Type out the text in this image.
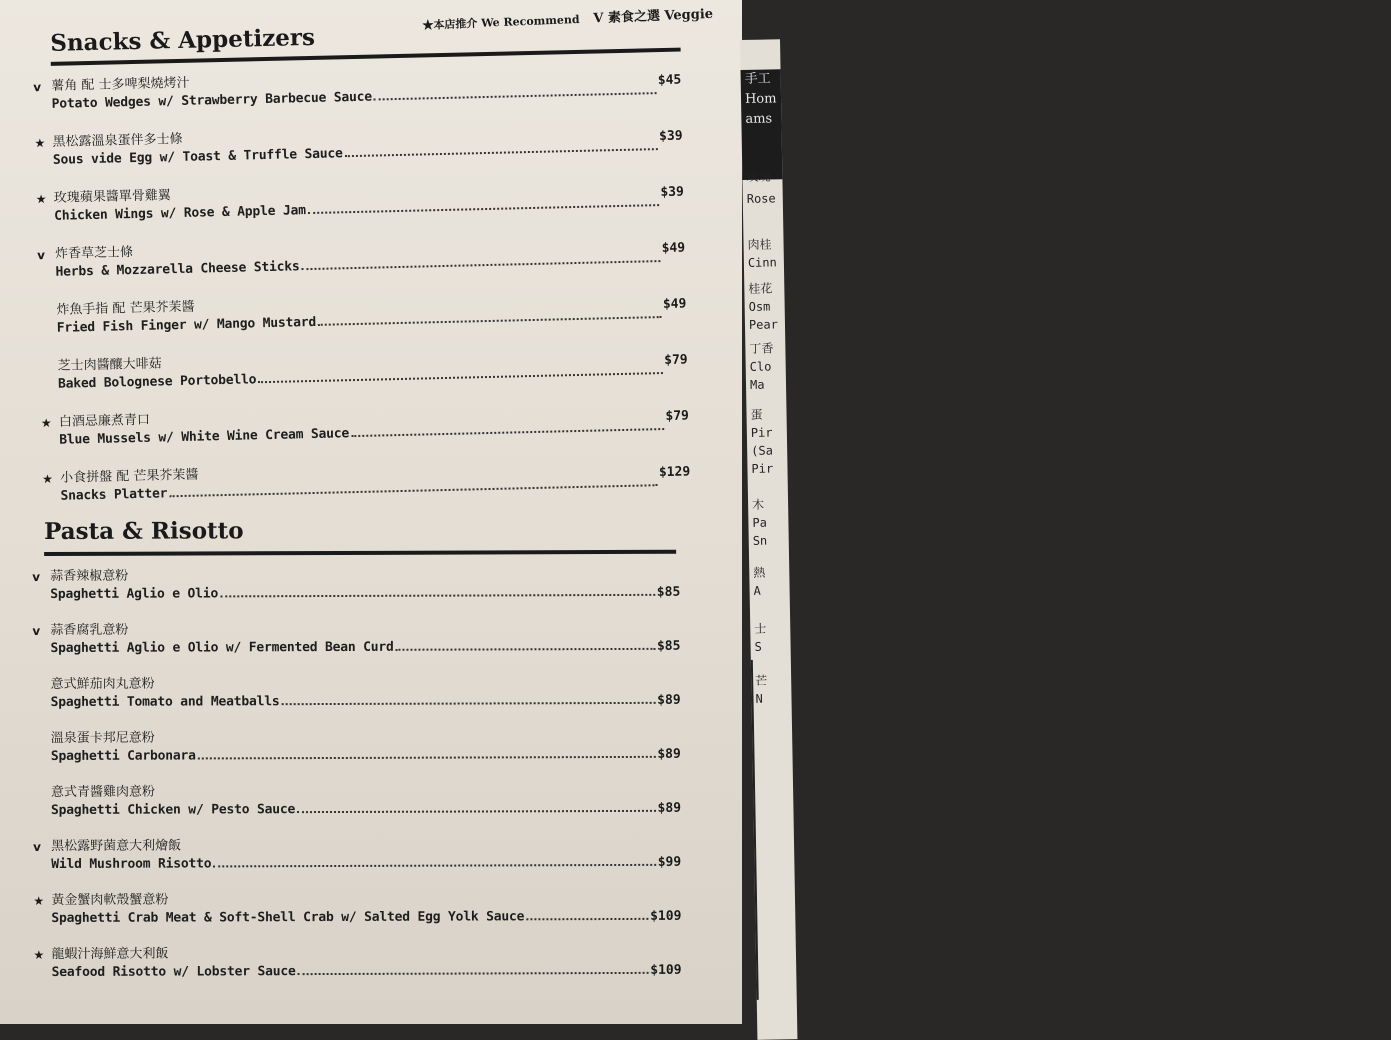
★本店推介 We Recommend V 素食之選 Veggie
Snacks & Appetizers
v 薯角 配 士多啤梨燒烤汁
Potato Wedges w/ Strawberry Barbecue Sauce
$45
★ 黑松露溫泉蛋伴多士條
Sous vide Egg w/ Toast & Truffle Sauce
$39
★ 玫瑰蘋果醬單骨雞翼
Chicken Wings w/ Rose & Apple Jam
$39
v 炸香草芝士條
Herbs & Mozzarella Cheese Sticks
$49
炸魚手指 配 芒果芥茉醬
Fried Fish Finger w/ Mango Mustard
$49
芝士肉醬釀大啡菇
Baked Bolognese Portobello
$79
★ 白酒忌廉煮青口
Blue Mussels w/ White Wine Cream Sauce
$79
★ 小食拼盤 配 芒果芥茉醬
Snacks Platter
$129
Pasta & Risotto
v 蒜香辣椒意粉
Spaghetti Aglio e Olio	$85
v 蒜香腐乳意粉
Spaghetti Aglio e Olio w/ Fermented Bean Curd	$85
意式鮮茄肉丸意粉
Spaghetti Tomato and Meatballs	$89
溫泉蛋卡邦尼意粉
Spaghetti Carbonara	$89
意式青醬雞肉意粉
Spaghetti Chicken w/ Pesto Sauce	$89
v 黑松露野菌意大利燴飯
Wild Mushroom Risotto	$99
★ 黃金蟹肉軟殼蟹意粉
Spaghetti Crab Meat & Soft-Shell Crab w/ Salted Egg Yolk Sauce	$109
★ 龍蝦汁海鮮意大利飯
Seafood Risotto w/ Lobster Sauce	$109
手工
Hom
ams
玫瑰
Rose
肉桂
Cinn
桂花
Osm
Pear
丁香
Clo
Ma
蛋
Pir
(Sa
Pir
木
Pa
Sn
熱
A
士
S
芒
N
